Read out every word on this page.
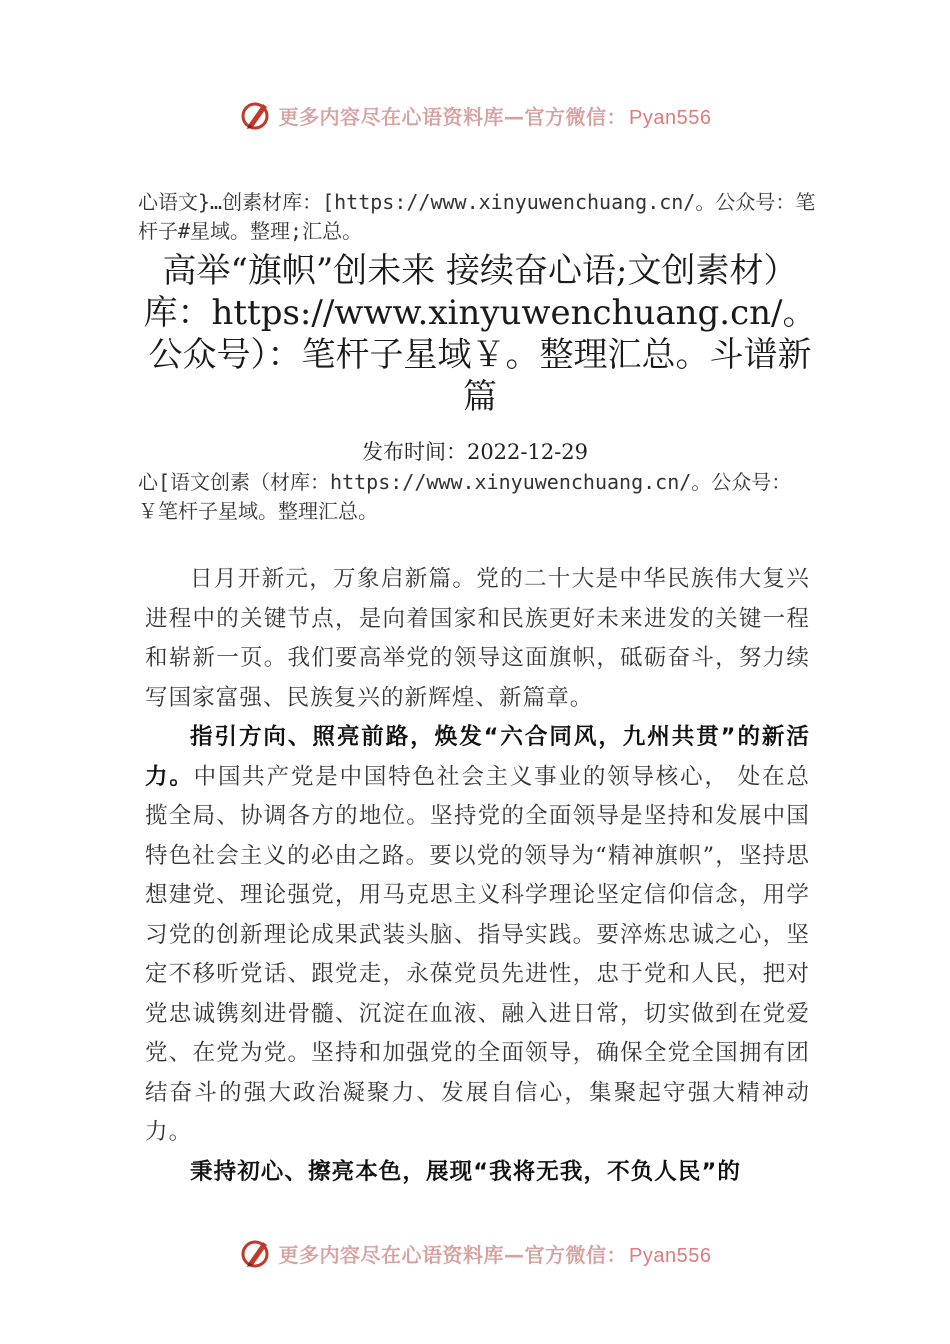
更多内容尽在心语资料库—官方微信： Pyan556
心语文}…创素材库：[https://www.xinyuwenchuang.cn/。公众号：笔杆子#星域。整理;汇总。
高举“旗帜”创未来 接续奋心语;文创素材）库：https://www.xinyuwenchuang.cn/。公众号）：笔杆子星域￥。整理汇总。斗谱新篇
发布时间：2022-12-29
心[语文创素（材库：https://www.xinyuwenchuang.cn/。公众号：￥笔杆子星域。整理汇总。

日月开新元，万象启新篇。党的二十大是中华民族伟大复兴进程中的关键节点，是向着国家和民族更好未来进发的关键一程和崭新一页。我们要高举党的领导这面旗帜，砥砺奋斗，努力续写国家富强、民族复兴的新辉煌、新篇章。

指引方向、照亮前路，焕发“六合同风，九州共贯”的新活力。中国共产党是中国特色社会主义事业的领导核心， 处在总揽全局、协调各方的地位。坚持党的全面领导是坚持和发展中国特色社会主义的必由之路。要以党的领导为“精神旗帜”，坚持思想建党、理论强党，用马克思主义科学理论坚定信仰信念，用学习党的创新理论成果武装头脑、指导实践。要淬炼忠诚之心，坚定不移听党话、跟党走，永葆党员先进性，忠于党和人民，把对党忠诚镌刻进骨髓、沉淀在血液、融入进日常，切实做到在党爱党、在党为党。坚持和加强党的全面领导，确保全党全国拥有团结奋斗的强大政治凝聚力、发展自信心，集聚起守强大精神动力。

秉持初心、擦亮本色，展现“我将无我，不负人民”的

更多内容尽在心语资料库—官方微信： Pyan556
